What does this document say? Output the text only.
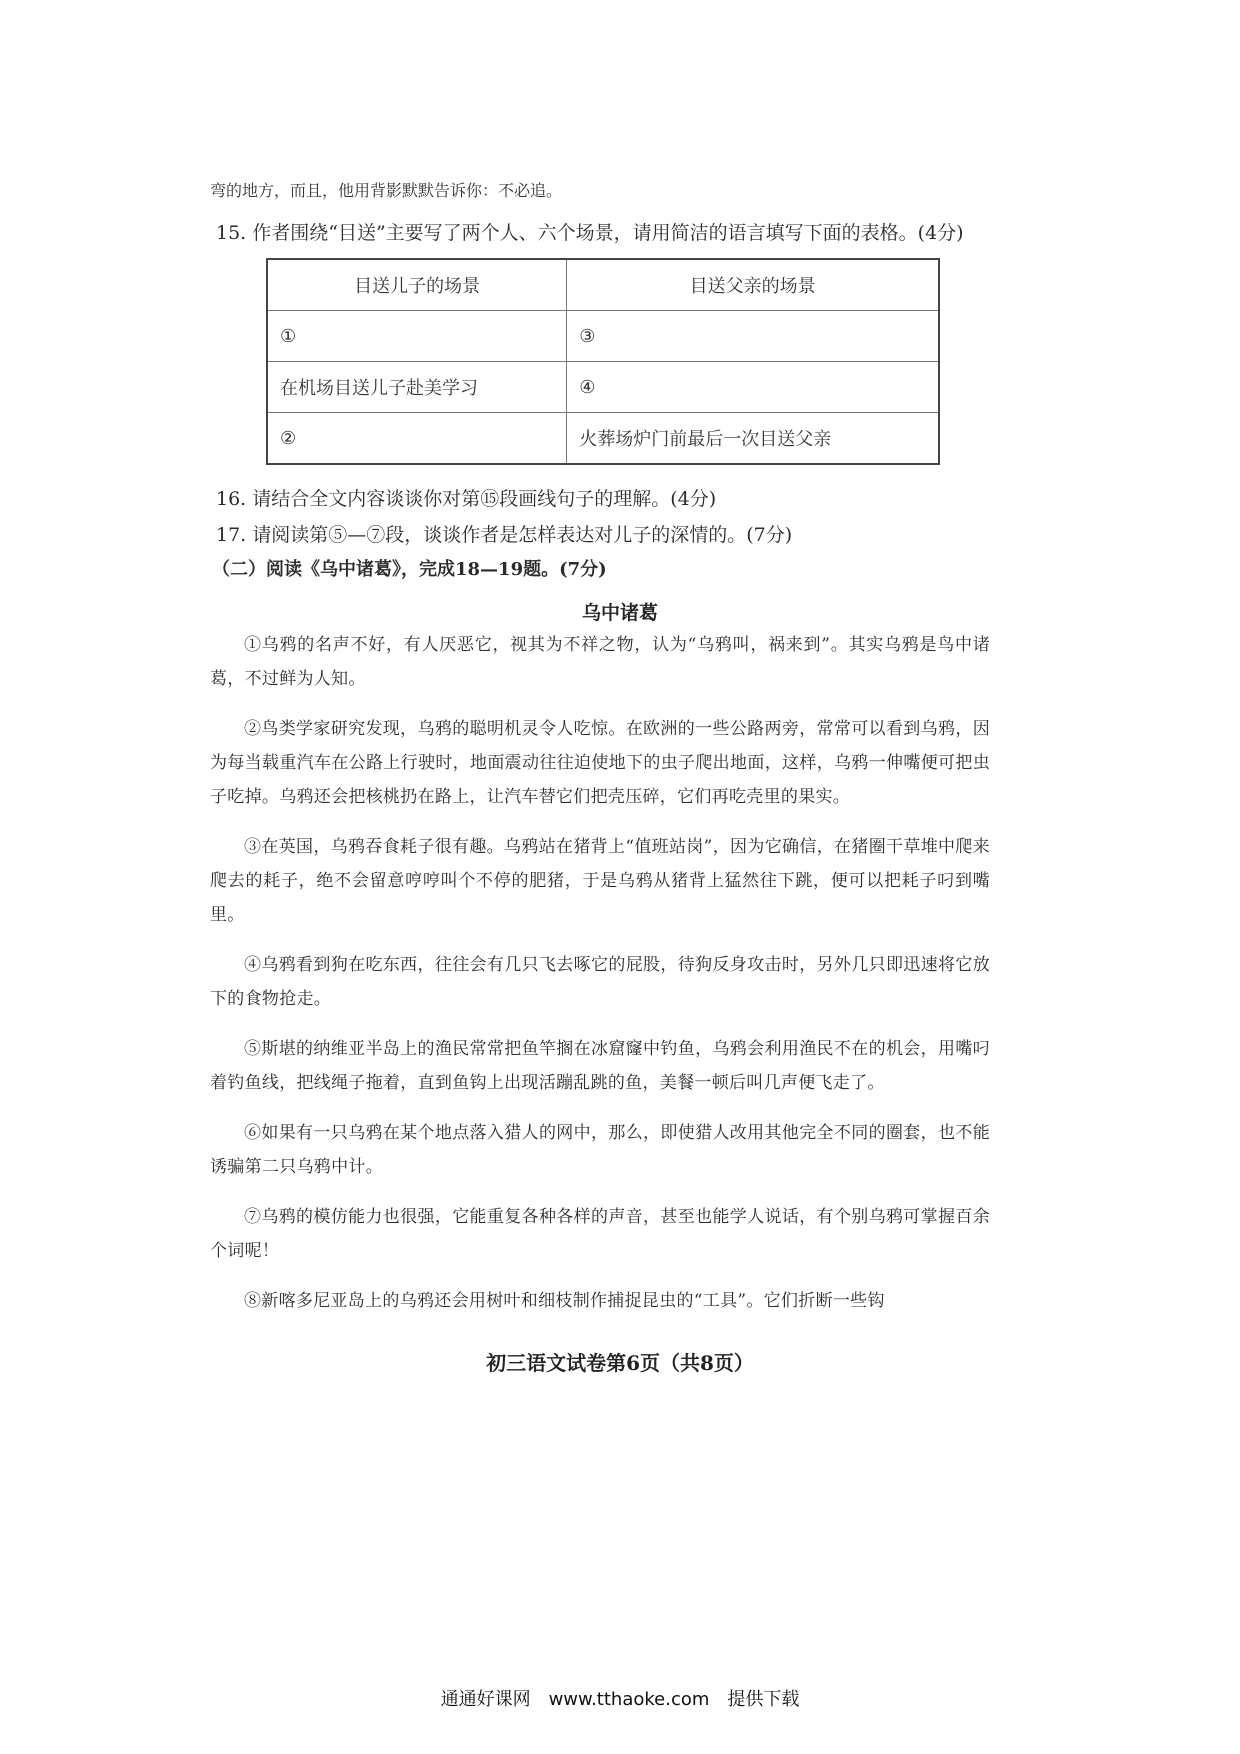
弯的地方，而且，他用背影默默告诉你：不必追。
15. 作者围绕“目送”主要写了两个人、六个场景，请用简洁的语言填写下面的表格。(4分)
目送儿子的场景	目送父亲的场景
①	③
在机场目送儿子赴美学习	④
②	火葬场炉门前最后一次目送父亲
16. 请结合全文内容谈谈你对第⑮段画线句子的理解。(4分)
17. 请阅读第⑤—⑦段，谈谈作者是怎样表达对儿子的深情的。(7分)
（二）阅读《乌中诸葛》，完成18—19题。(7分)
乌中诸葛

①乌鸦的名声不好，有人厌恶它，视其为不祥之物，认为“乌鸦叫，祸来到”。其实乌鸦是鸟中诸葛，不过鲜为人知。

②鸟类学家研究发现，乌鸦的聪明机灵令人吃惊。在欧洲的一些公路两旁，常常可以看到乌鸦，因为每当载重汽车在公路上行驶时，地面震动往往迫使地下的虫子爬出地面，这样，乌鸦一伸嘴便可把虫子吃掉。乌鸦还会把核桃扔在路上，让汽车替它们把壳压碎，它们再吃壳里的果实。

③在英国，乌鸦吞食耗子很有趣。乌鸦站在猪背上“值班站岗”，因为它确信，在猪圈干草堆中爬来爬去的耗子，绝不会留意哼哼叫个不停的肥猪，于是乌鸦从猪背上猛然往下跳，便可以把耗子叼到嘴里。

④乌鸦看到狗在吃东西，往往会有几只飞去啄它的屁股，待狗反身攻击时，另外几只即迅速将它放下的食物抢走。

⑤斯堪的纳维亚半岛上的渔民常常把鱼竿搁在冰窟窿中钓鱼，乌鸦会利用渔民不在的机会，用嘴叼着钓鱼线，把线绳子拖着，直到鱼钩上出现活蹦乱跳的鱼，美餐一顿后叫几声便飞走了。

⑥如果有一只乌鸦在某个地点落入猎人的网中，那么，即使猎人改用其他完全不同的圈套，也不能诱骗第二只乌鸦中计。

⑦乌鸦的模仿能力也很强，它能重复各种各样的声音，甚至也能学人说话，有个别乌鸦可掌握百余个词呢！

⑧新喀多尼亚岛上的乌鸦还会用树叶和细枝制作捕捉昆虫的“工具”。它们折断一些钩

初三语文试卷第6页（共8页）
通通好课网　www.tthaoke.com　提供下载
